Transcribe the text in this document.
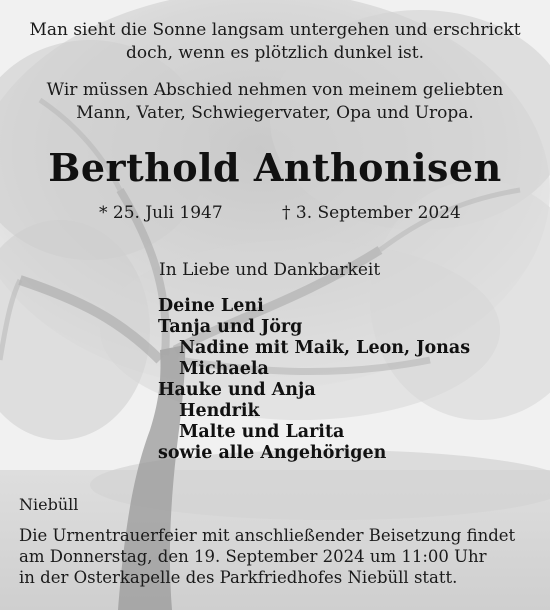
Man sieht die Sonne langsam untergehen und erschrickt
doch, wenn es plötzlich dunkel ist.
Wir müssen Abschied nehmen von meinem geliebten
Mann, Vater, Schwiegervater, Opa und Uropa.
Berthold Anthonisen
* 25. Juli 1947	† 3. September 2024
In Liebe und Dankbarkeit
Deine Leni
Tanja und Jörg
Nadine mit Maik, Leon, Jonas
Michaela
Hauke und Anja
Hendrik
Malte und Larita
sowie alle Angehörigen
Niebüll
Die Urnentrauerfeier mit anschließender Beisetzung findet
am Donnerstag, den 19. September 2024 um 11:00 Uhr
in der Osterkapelle des Parkfriedhofes Niebüll statt.
